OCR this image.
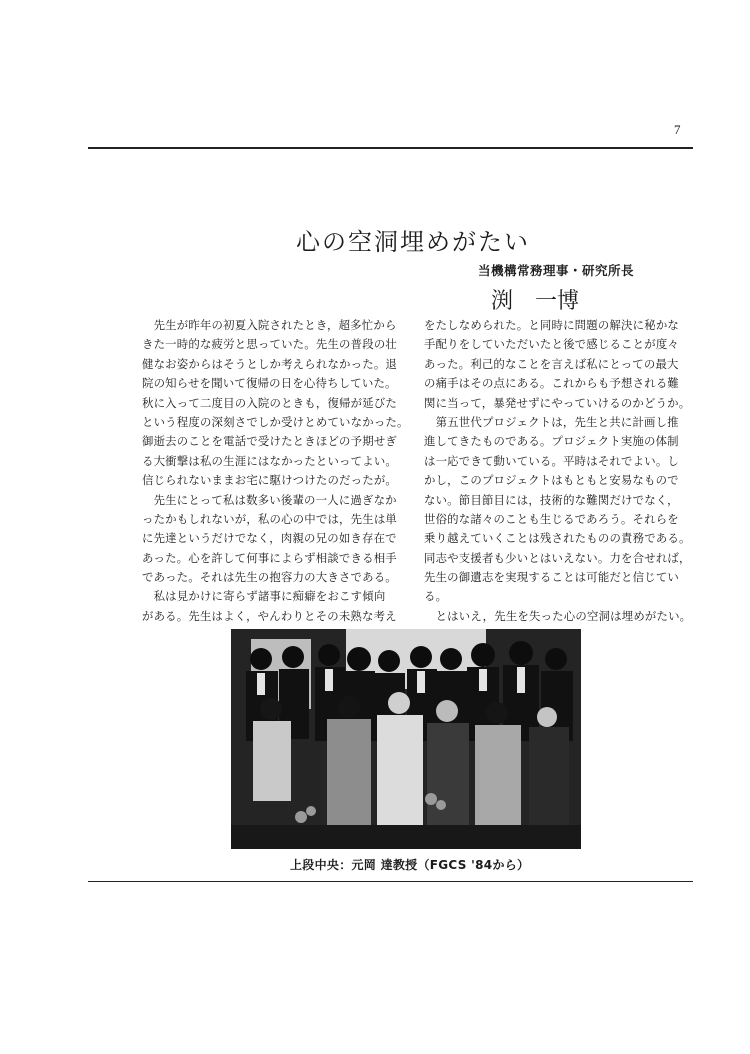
7
心の空洞埋めがたい
当機構常務理事・研究所長
渕　一博
　先生が昨年の初夏入院されたとき，超多忙から
きた一時的な疲労と思っていた。先生の普段の壮
健なお姿からはそうとしか考えられなかった。退
院の知らせを聞いて復帰の日を心待ちしていた。
秋に入って二度目の入院のときも，復帰が延びた
という程度の深刻さでしか受けとめていなかった。
御逝去のことを電話で受けたときほどの予期せぎ
る大衝撃は私の生涯にはなかったといってよい。
信じられないままお宅に駆けつけたのだったが。
　先生にとって私は数多い後輩の一人に過ぎなか
ったかもしれないが，私の心の中では，先生は単
に先達というだけでなく，肉親の兄の如き存在で
あった。心を許して何事によらず相談できる相手
であった。それは先生の抱容力の大きさである。
　私は見かけに寄らず諸事に痴癖をおこす傾向
がある。先生はよく，やんわりとその未熟な考え
をたしなめられた。と同時に問題の解決に秘かな
手配りをしていただいたと後で感じることが度々
あった。利己的なことを言えば私にとっての最大
の痛手はその点にある。これからも予想される難
関に当って，暴発せずにやっていけるのかどうか。
　第五世代プロジェクトは，先生と共に計画し推
進してきたものである。プロジェクト実施の体制
は一応できて動いている。平時はそれでよい。し
かし，このプロジェクトはもともと安易なもので
ない。節目節目には，技術的な難関だけでなく，
世俗的な諸々のことも生じるであろう。それらを
乗り越えていくことは残されたものの責務である。
同志や支援者も少いとはいえない。力を合せれば，
先生の御遺志を実現することは可能だと信じてい
る。
　とはいえ，先生を失った心の空洞は埋めがたい。
上段中央：元岡 達教授（FGCS '84から）
